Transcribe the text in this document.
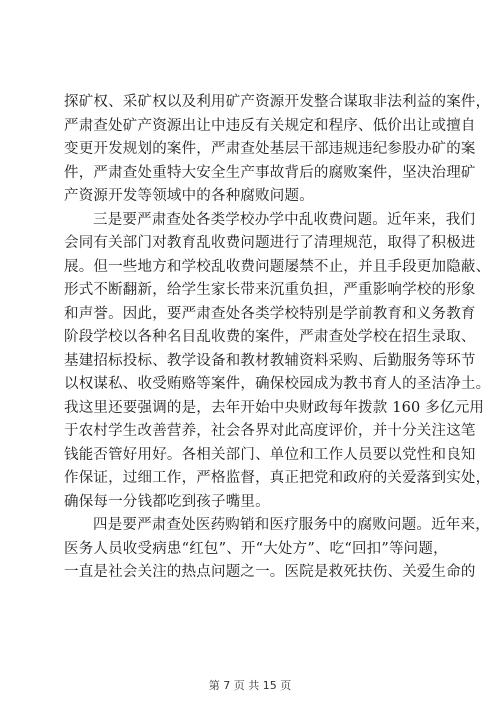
探矿权、采矿权以及利用矿产资源开发整合谋取非法利益的案件，
严肃查处矿产资源出让中违反有关规定和程序、低价出让或擅自
变更开发规划的案件，严肃查处基层干部违规违纪参股办矿的案
件，严肃查处重特大安全生产事故背后的腐败案件，坚决治理矿
产资源开发等领域中的各种腐败问题。
三是要严肃查处各类学校办学中乱收费问题。近年来，我们
会同有关部门对教育乱收费问题进行了清理规范，取得了积极进
展。但一些地方和学校乱收费问题屡禁不止，并且手段更加隐蔽、
形式不断翻新，给学生家长带来沉重负担，严重影响学校的形象
和声誉。因此，要严肃查处各类学校特别是学前教育和义务教育
阶段学校以各种名目乱收费的案件，严肃查处学校在招生录取、
基建招标投标、教学设备和教材教辅资料采购、后勤服务等环节
以权谋私、收受贿赂等案件，确保校园成为教书育人的圣洁净土。
我这里还要强调的是，去年开始中央财政每年拨款 160 多亿元用
于农村学生改善营养，社会各界对此高度评价，并十分关注这笔
钱能否管好用好。各相关部门、单位和工作人员要以党性和良知
作保证，过细工作，严格监督，真正把党和政府的关爱落到实处，
确保每一分钱都吃到孩子嘴里。
四是要严肃查处医药购销和医疗服务中的腐败问题。近年来，
医务人员收受病患“红包”、开“大处方”、吃“回扣”等问题，
一直是社会关注的热点问题之一。医院是救死扶伤、关爱生命的
第 7 页 共 15 页
